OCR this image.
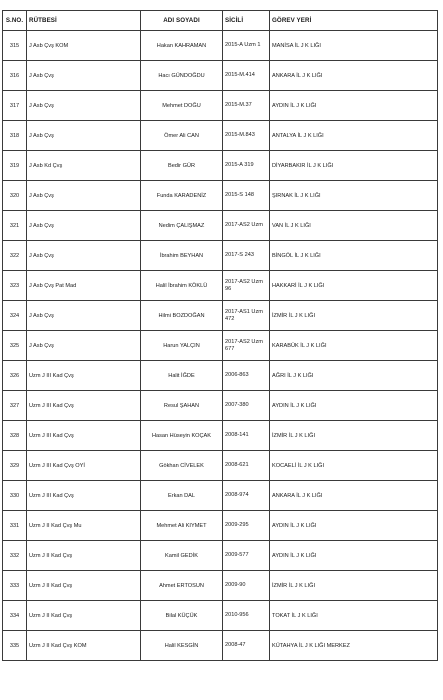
S.NO.	RÜTBESİ	ADI SOYADI	SİCİLİ	GÖREV YERİ
315	J Asb Çvş KOM	Hakan KAHRAMAN	2015-A Uzm 1	MANİSA İL J K LIĞI
316	J Asb Çvş	Hacı GÜNDOĞDU	2015-M.414	ANKARA İL J K LIĞI
317	J Asb Çvş	Mehmet DOĞU	2015-M.37	AYDIN İL J K LIĞI
318	J Asb Çvş	Ömer Ali CAN	2015-M.843	ANTALYA İL J K LIĞI
319	J Asb Kd Çvş	Bedir GÜR	2015-A 319	DİYARBAKIR İL J K LIĞI
320	J Asb Çvş	Funda KARADENİZ	2015-S 148	ŞIRNAK İL J K LIĞI
321	J Asb Çvş	Nedim ÇALIŞMAZ	2017-AS2 Uzm	VAN İL J K LIĞI
322	J Asb Çvş	İbrahim BEYHAN	2017-S 243	BİNGÖL İL J K LIĞI
323	J Asb Çvş Pat Mad	Halil İbrahim KÖKLÜ	2017-AS2 Uzm 96	HAKKARİ İL J K LIĞI
324	J Asb Çvş	Hilmi BOZDOĞAN	2017-AS1 Uzm 472	İZMİR İL J K LIĞI
325	J Asb Çvş	Harun YALÇIN	2017-AS2 Uzm 677	KARABÜK İL J K LIĞI
326	Uzm J III Kad Çvş	Halit İĞDE	2006-863	AĞRI İL J K LIĞI
327	Uzm J III Kad Çvş	Resul ŞAHAN	2007-380	AYDIN İL J K LIĞI
328	Uzm J III Kad Çvş	Hasan Hüseyin KOÇAK	2008-141	İZMİR İL J K LIĞI
329	Uzm J III Kad Çvş OYİ	Gökhan CİVELEK	2008-621	KOCAELİ İL J K LIĞI
330	Uzm J III Kad Çvş	Erkan DAL	2008-974	ANKARA İL J K LIĞI
331	Uzm J II Kad Çvş Mu	Mehmet Ali KIYMET	2009-295	AYDIN İL J K LIĞI
332	Uzm J II Kad Çvş	Kamil GEDİK	2009-577	AYDIN İL J K LIĞI
333	Uzm J II Kad Çvş	Ahmet ERTOSUN	2009-90	İZMİR İL J K LIĞI
334	Uzm J II Kad Çvş	Bilal KÜÇÜK	2010-956	TOKAT İL J K LIĞI
335	Uzm J II Kad Çvş KOM	Halil KESGİN	2008-47	KÜTAHYA İL J K LIĞI MERKEZ
